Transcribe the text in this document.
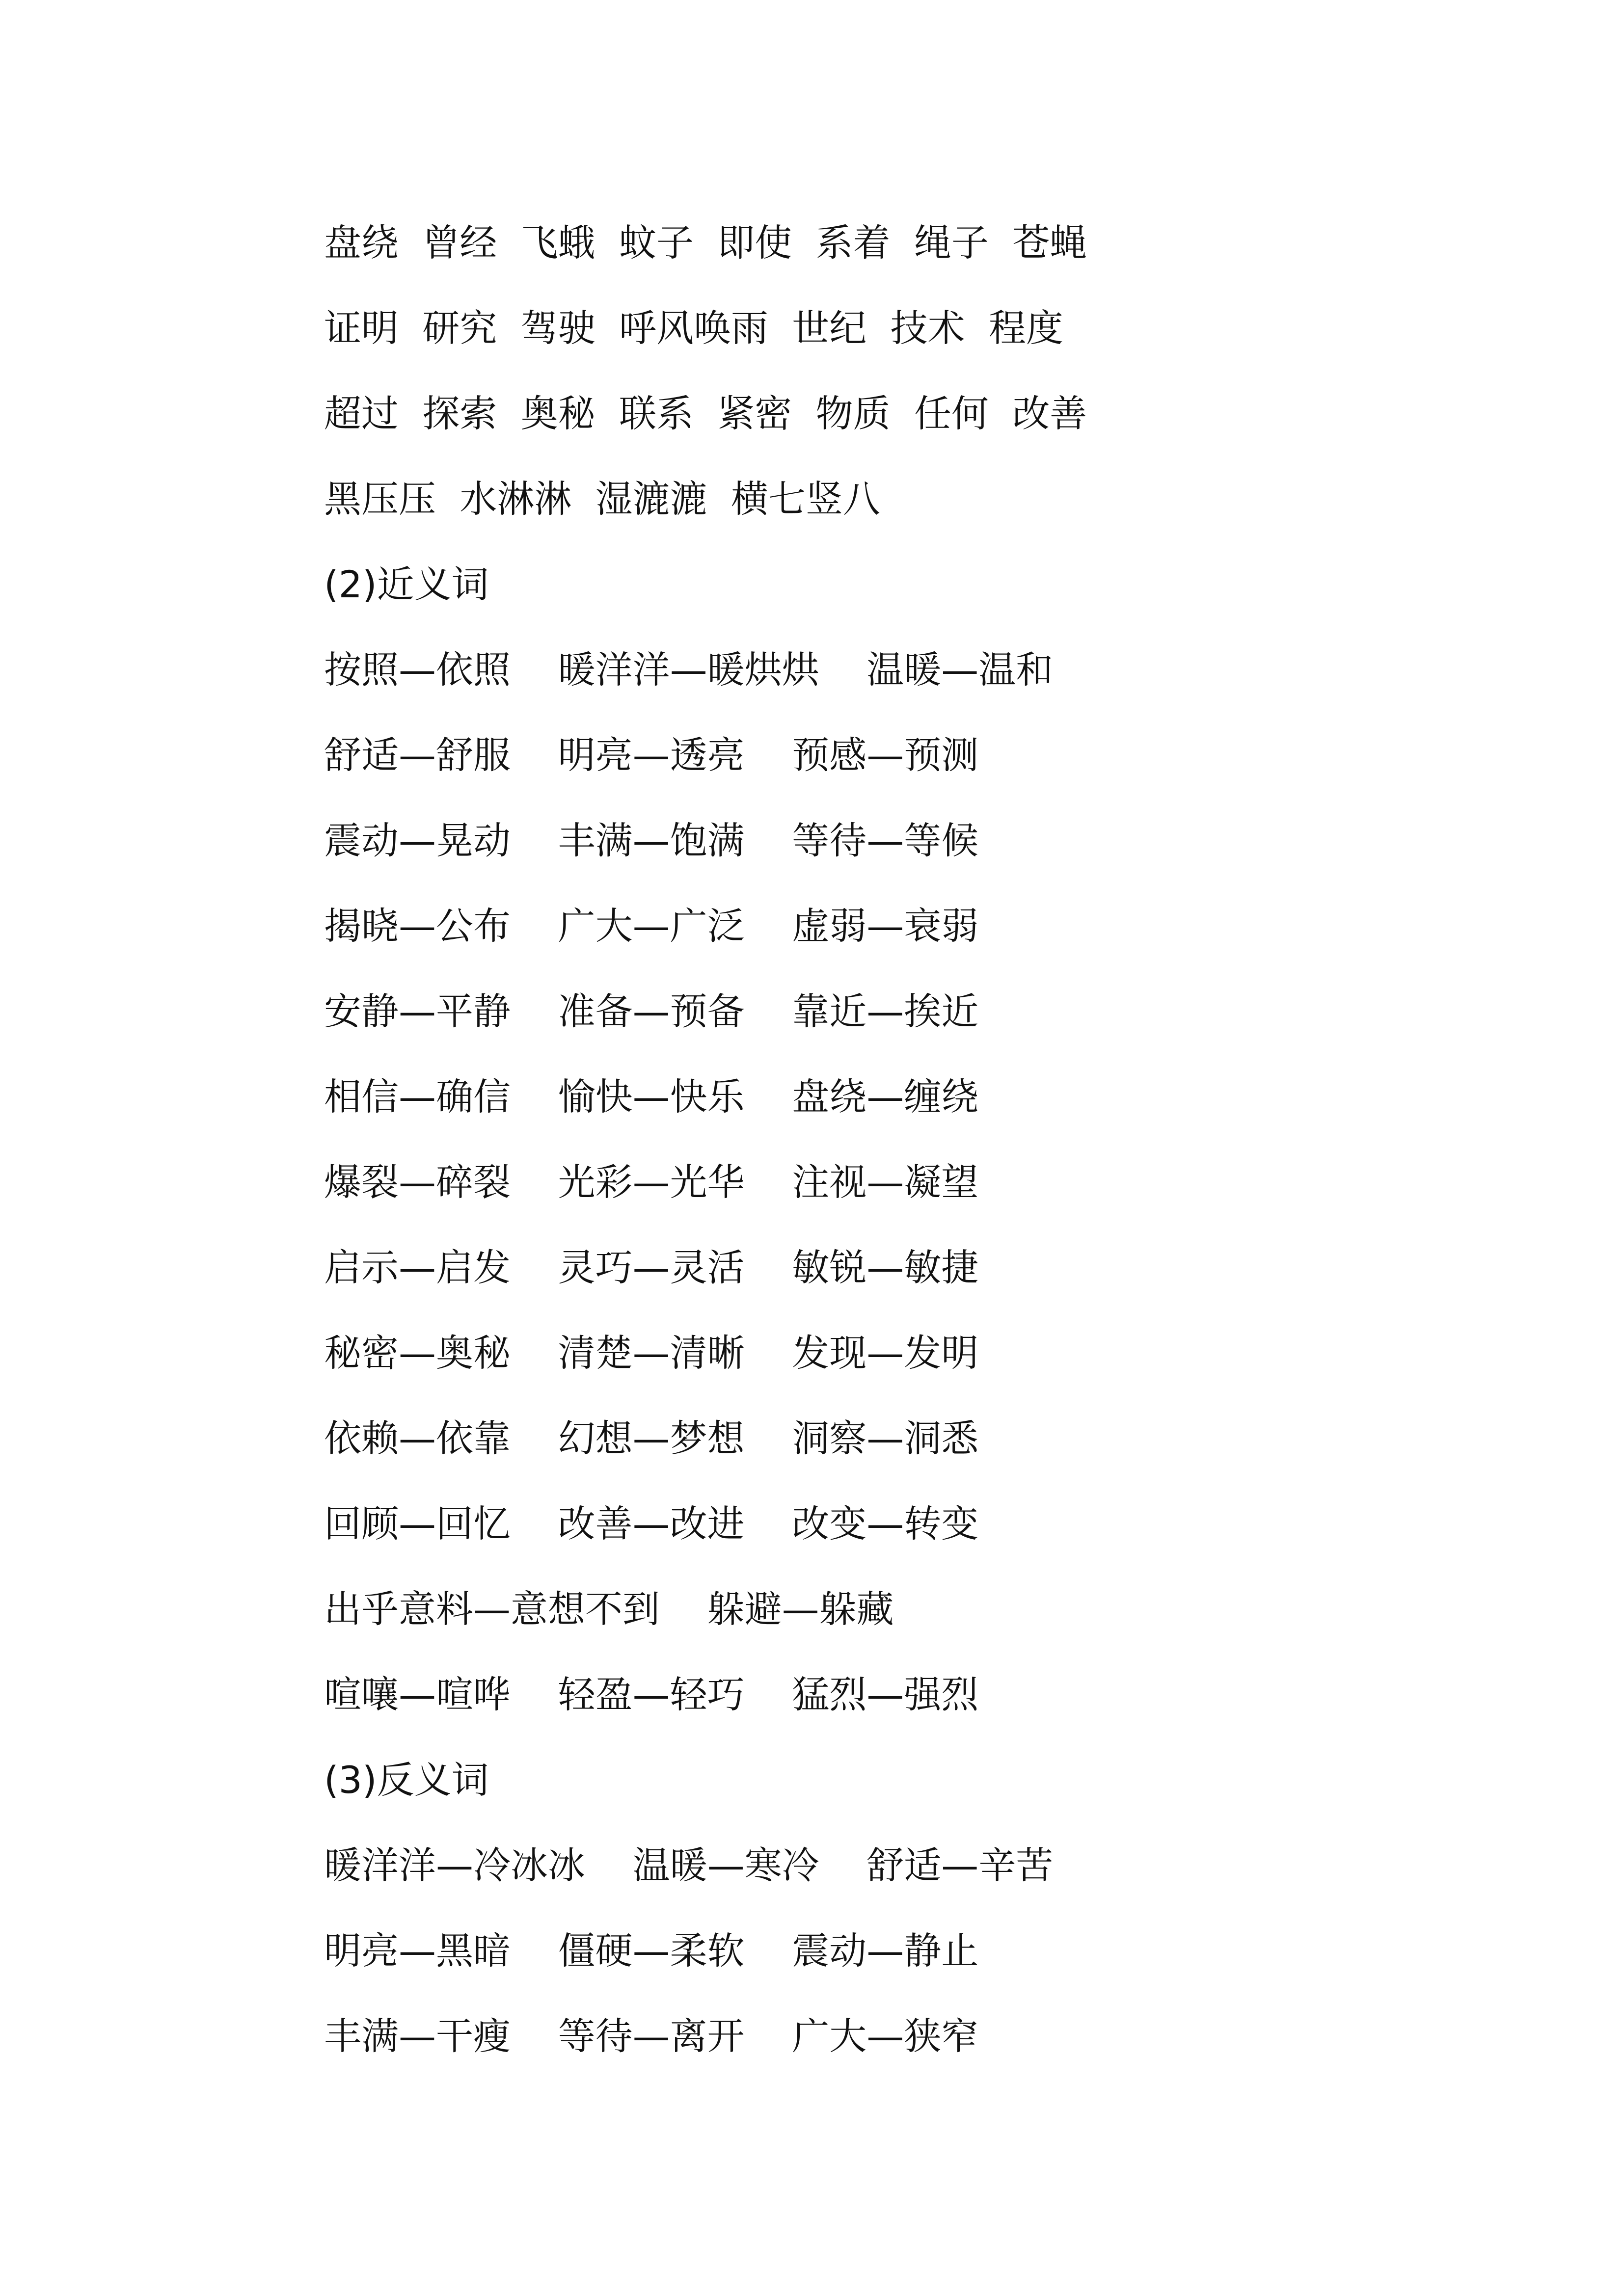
盘绕  曾经  飞蛾  蚊子  即使  系着  绳子  苍蝇
证明  研究  驾驶  呼风唤雨  世纪  技术  程度
超过  探索  奥秘  联系  紧密  物质  任何  改善
黑压压  水淋淋  湿漉漉  横七竖八
(2)近义词
按照—依照    暖洋洋—暖烘烘    温暖—温和
舒适—舒服    明亮—透亮    预感—预测
震动—晃动    丰满—饱满    等待—等候
揭晓—公布    广大—广泛    虚弱—衰弱
安静—平静    准备—预备    靠近—挨近
相信—确信    愉快—快乐    盘绕—缠绕
爆裂—碎裂    光彩—光华    注视—凝望
启示—启发    灵巧—灵活    敏锐—敏捷
秘密—奥秘    清楚—清晰    发现—发明
依赖—依靠    幻想—梦想    洞察—洞悉
回顾—回忆    改善—改进    改变—转变
出乎意料—意想不到    躲避—躲藏
喧嚷—喧哗    轻盈—轻巧    猛烈—强烈
(3)反义词
暖洋洋—冷冰冰    温暖—寒冷    舒适—辛苦
明亮—黑暗    僵硬—柔软    震动—静止
丰满—干瘦    等待—离开    广大—狭窄
